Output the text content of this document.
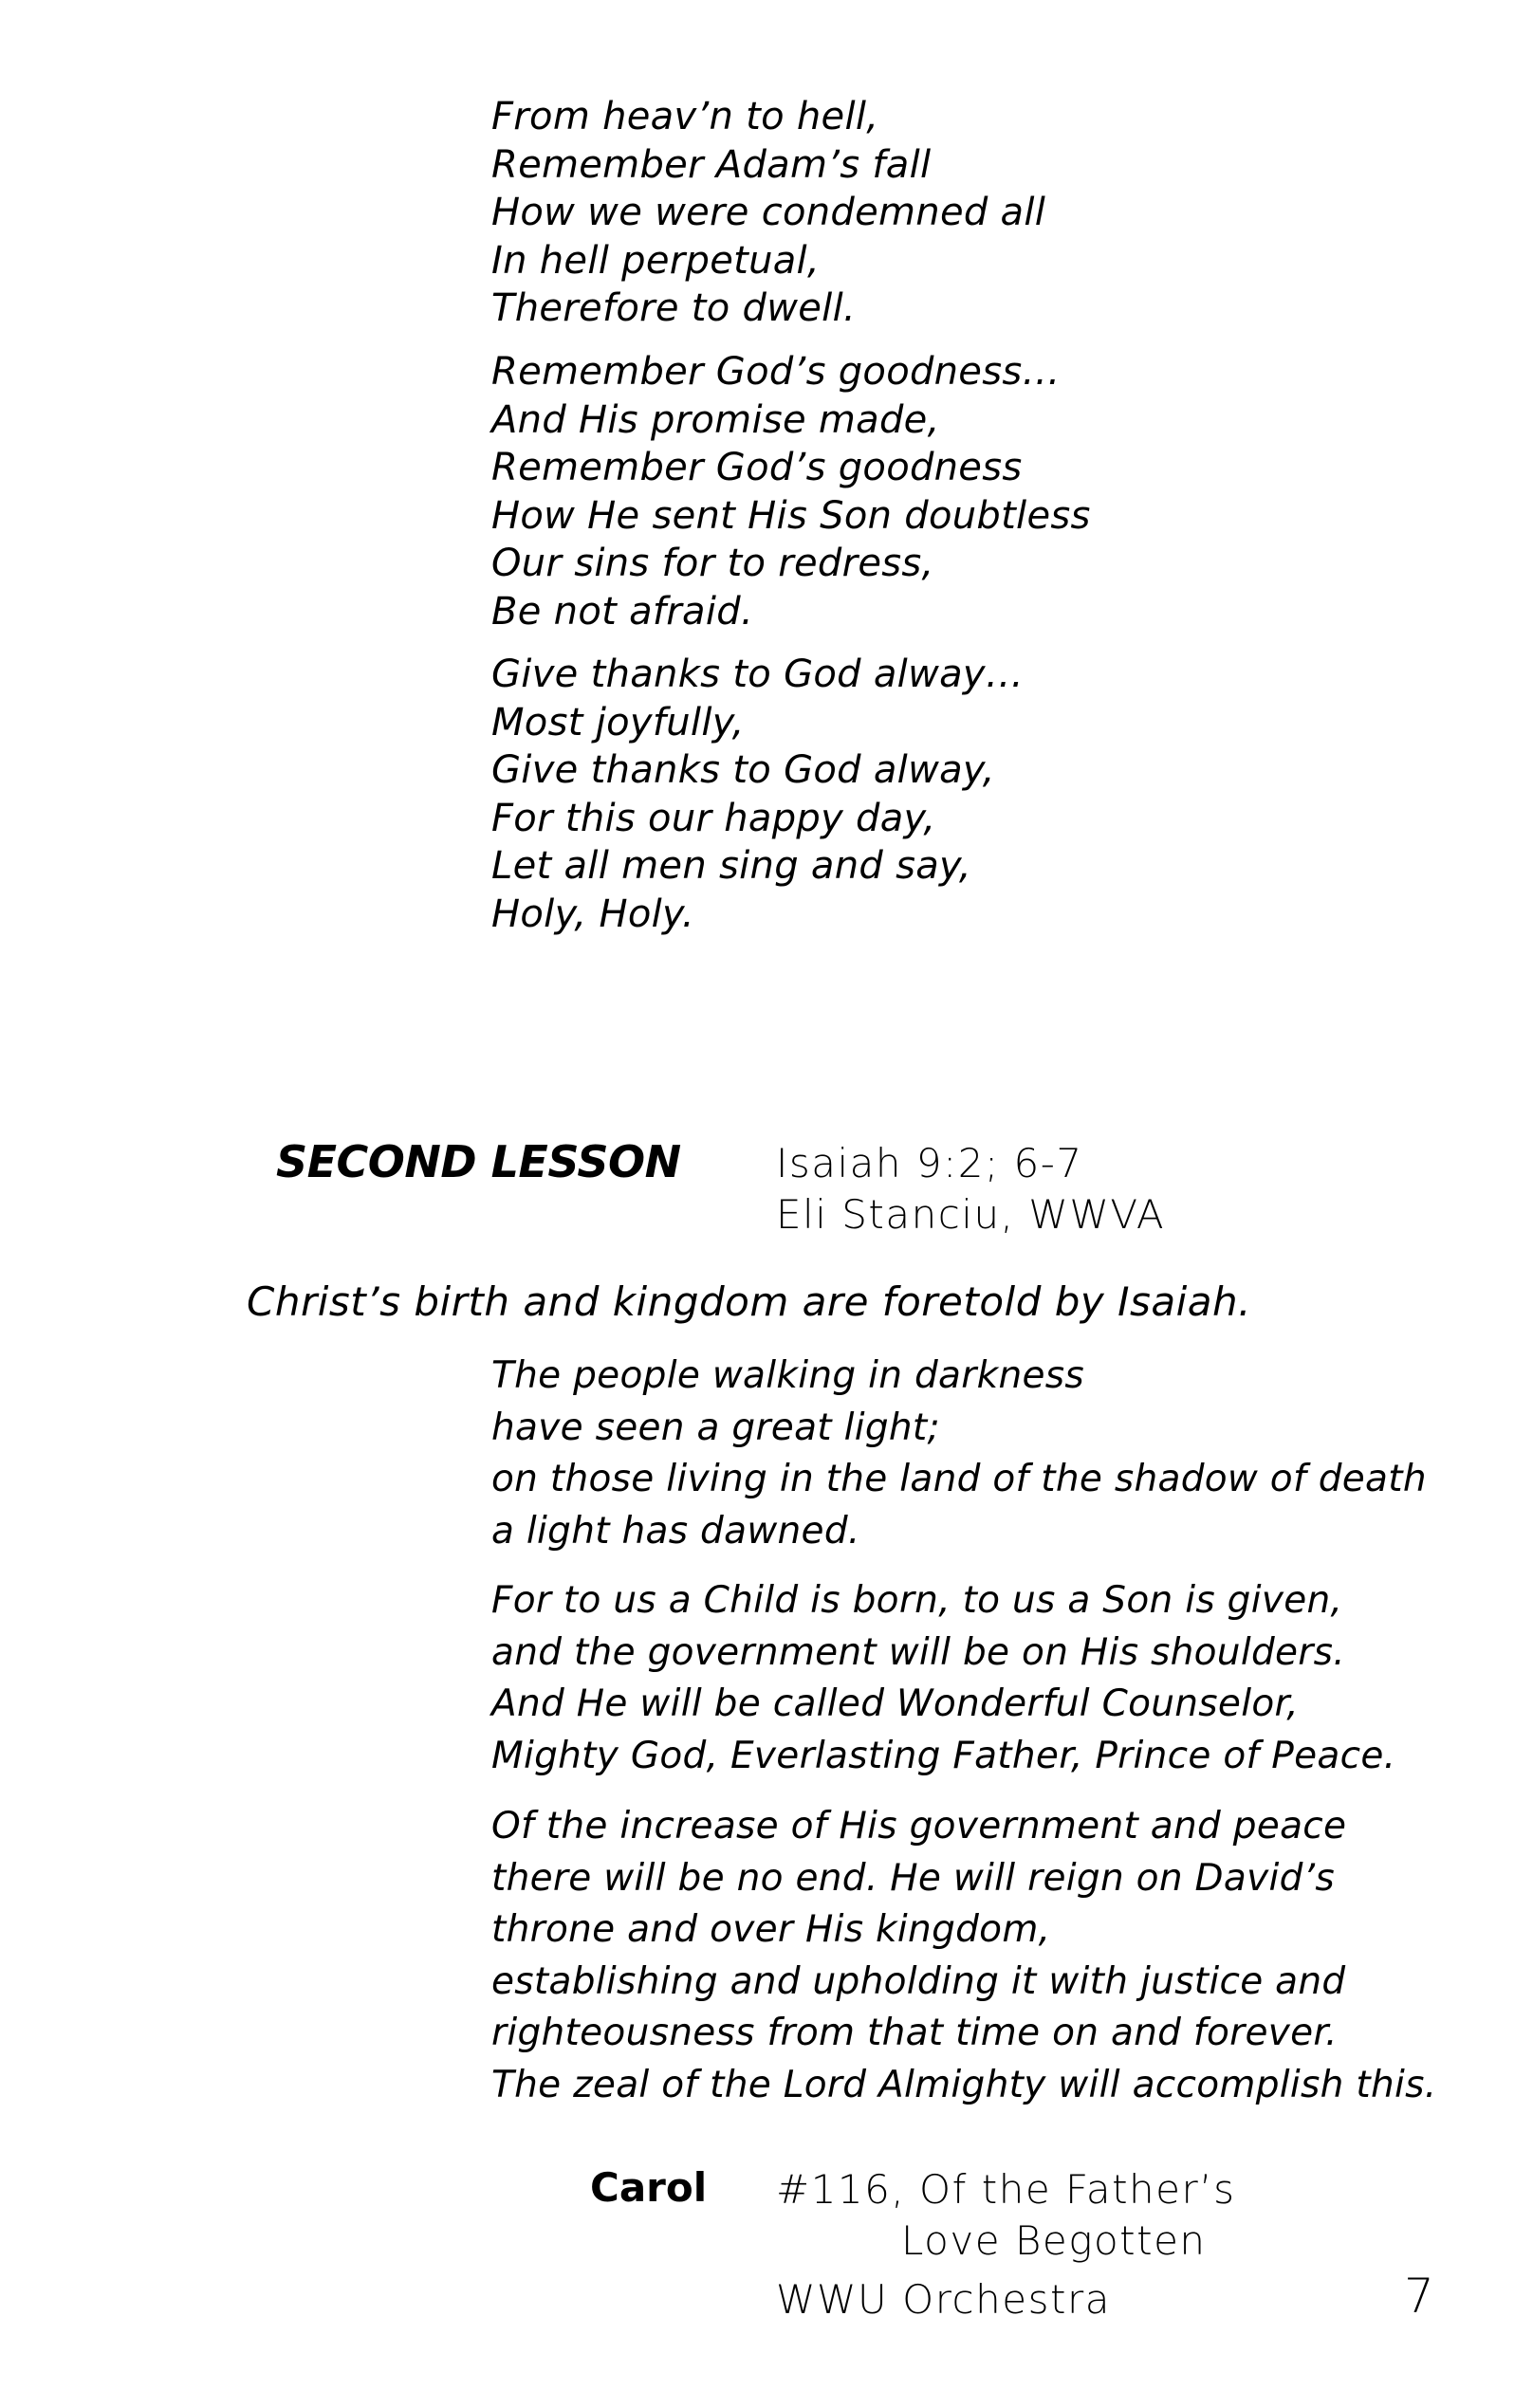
From heav’n to hell,
Remember Adam’s fall
How we were condemned all
In hell perpetual,
Therefore to dwell.
Remember God’s goodness…
And His promise made,
Remember God’s goodness
How He sent His Son doubtless
Our sins for to redress,
Be not afraid.
Give thanks to God alway…
Most joyfully,
Give thanks to God alway,
For this our happy day,
Let all men sing and say,
Holy, Holy.
SECOND LESSON Isaiah 9:2; 6-7
Eli Stanciu, WWVA
Christ’s birth and kingdom are foretold by Isaiah.
The people walking in darkness
have seen a great light;
on those living in the land of the shadow of death
a light has dawned.
For to us a Child is born, to us a Son is given,
and the government will be on His shoulders.
And He will be called Wonderful Counselor,
Mighty God, Everlasting Father, Prince of Peace.
Of the increase of His government and peace
there will be no end. He will reign on David’s
throne and over His kingdom,
establishing and upholding it with justice and
righteousness from that time on and forever.
The zeal of the Lord Almighty will accomplish this.
Carol #116, Of the Father’s
Love Begotten
WWU Orchestra	7
